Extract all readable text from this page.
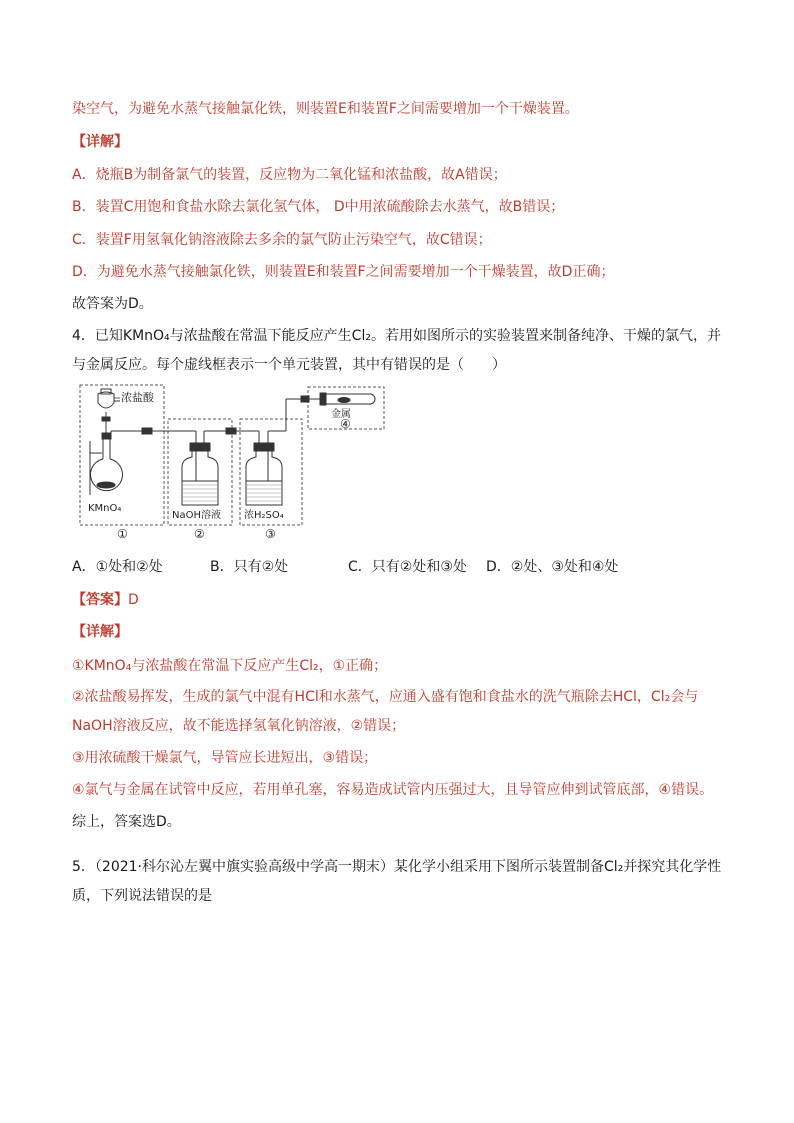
染空气，为避免水蒸气接触氯化铁，则装置E和装置F之间需要增加一个干燥装置。
【详解】
A．烧瓶B为制备氯气的装置，反应物为二氧化锰和浓盐酸，故A错误；
B．装置C用饱和食盐水除去氯化氢气体， D中用浓硫酸除去水蒸气，故B错误；
C．装置F用氢氧化钠溶液除去多余的氯气防止污染空气，故C错误；
D．为避免水蒸气接触氯化铁，则装置E和装置F之间需要增加一个干燥装置，故D正确；
故答案为D。
4．已知KMnO₄与浓盐酸在常温下能反应产生Cl₂。若用如图所示的实验装置来制备纯净、干燥的氯气，并
与金属反应。每个虚线框表示一个单元装置，其中有错误的是（　　）
浓盐酸
KMnO₄
NaOH溶液 浓H₂SO₄
金属
①	②	③
④
A．①处和②处	B．只有②处	C．只有②处和③处 D．②处、③处和④处
【答案】D
【详解】
①KMnO₄与浓盐酸在常温下反应产生Cl₂，①正确；
②浓盐酸易挥发，生成的氯气中混有HCl和水蒸气，应通入盛有饱和食盐水的洗气瓶除去HCl，Cl₂会与
NaOH溶液反应，故不能选择氢氧化钠溶液，②错误；
③用浓硫酸干燥氯气，导管应长进短出，③错误；
④氯气与金属在试管中反应，若用单孔塞，容易造成试管内压强过大，且导管应伸到试管底部，④错误。
综上，答案选D。
5．（2021·科尔沁左翼中旗实验高级中学高一期末）某化学小组采用下图所示装置制备Cl₂并探究其化学性
质，下列说法错误的是
